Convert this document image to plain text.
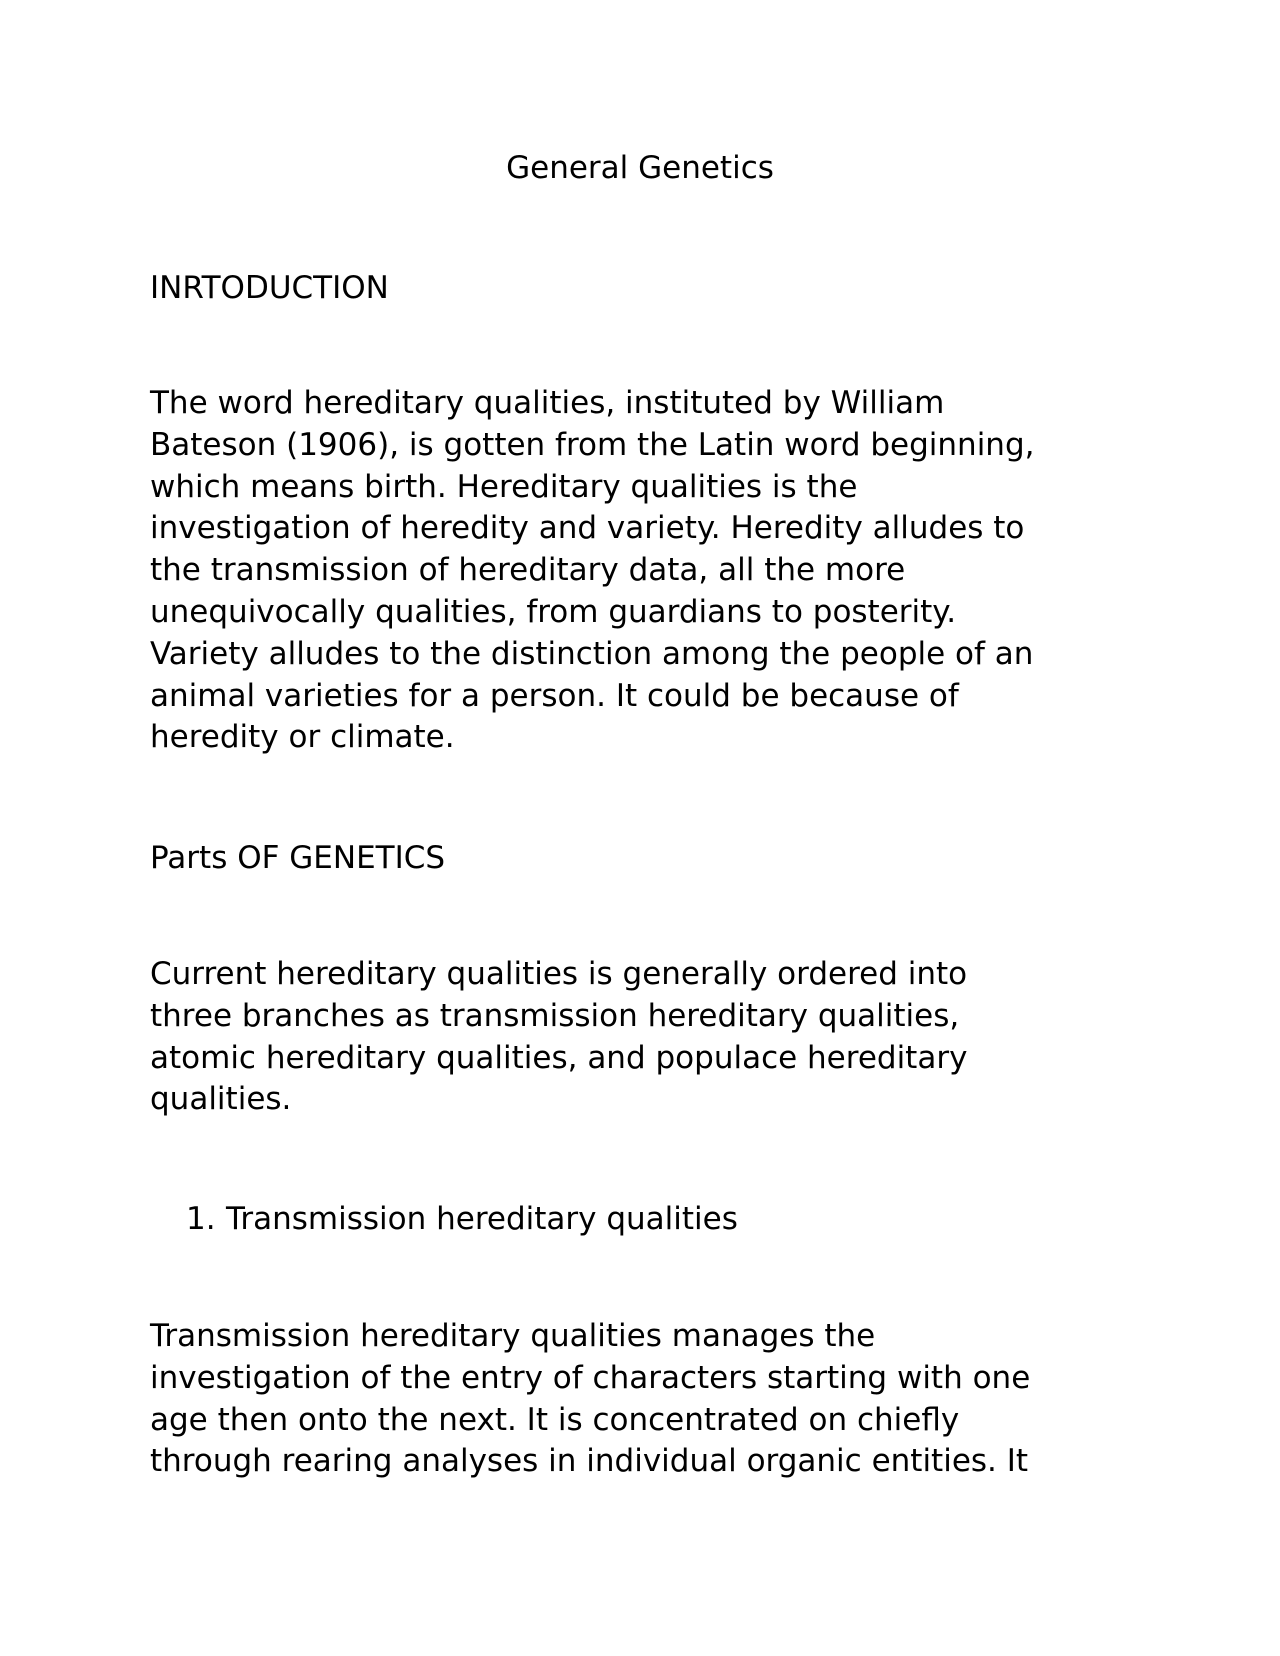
General Genetics
INRTODUCTION
The word hereditary qualities, instituted by William
Bateson (1906), is gotten from the Latin word beginning,
which means birth. Hereditary qualities is the
investigation of heredity and variety. Heredity alludes to
the transmission of hereditary data, all the more
unequivocally qualities, from guardians to posterity.
Variety alludes to the distinction among the people of an
animal varieties for a person. It could be because of
heredity or climate.
Parts OF GENETICS
Current hereditary qualities is generally ordered into
three branches as transmission hereditary qualities,
atomic hereditary qualities, and populace hereditary
qualities.
1. Transmission hereditary qualities
Transmission hereditary qualities manages the
investigation of the entry of characters starting with one
age then onto the next. It is concentrated on chiefly
through rearing analyses in individual organic entities. It
